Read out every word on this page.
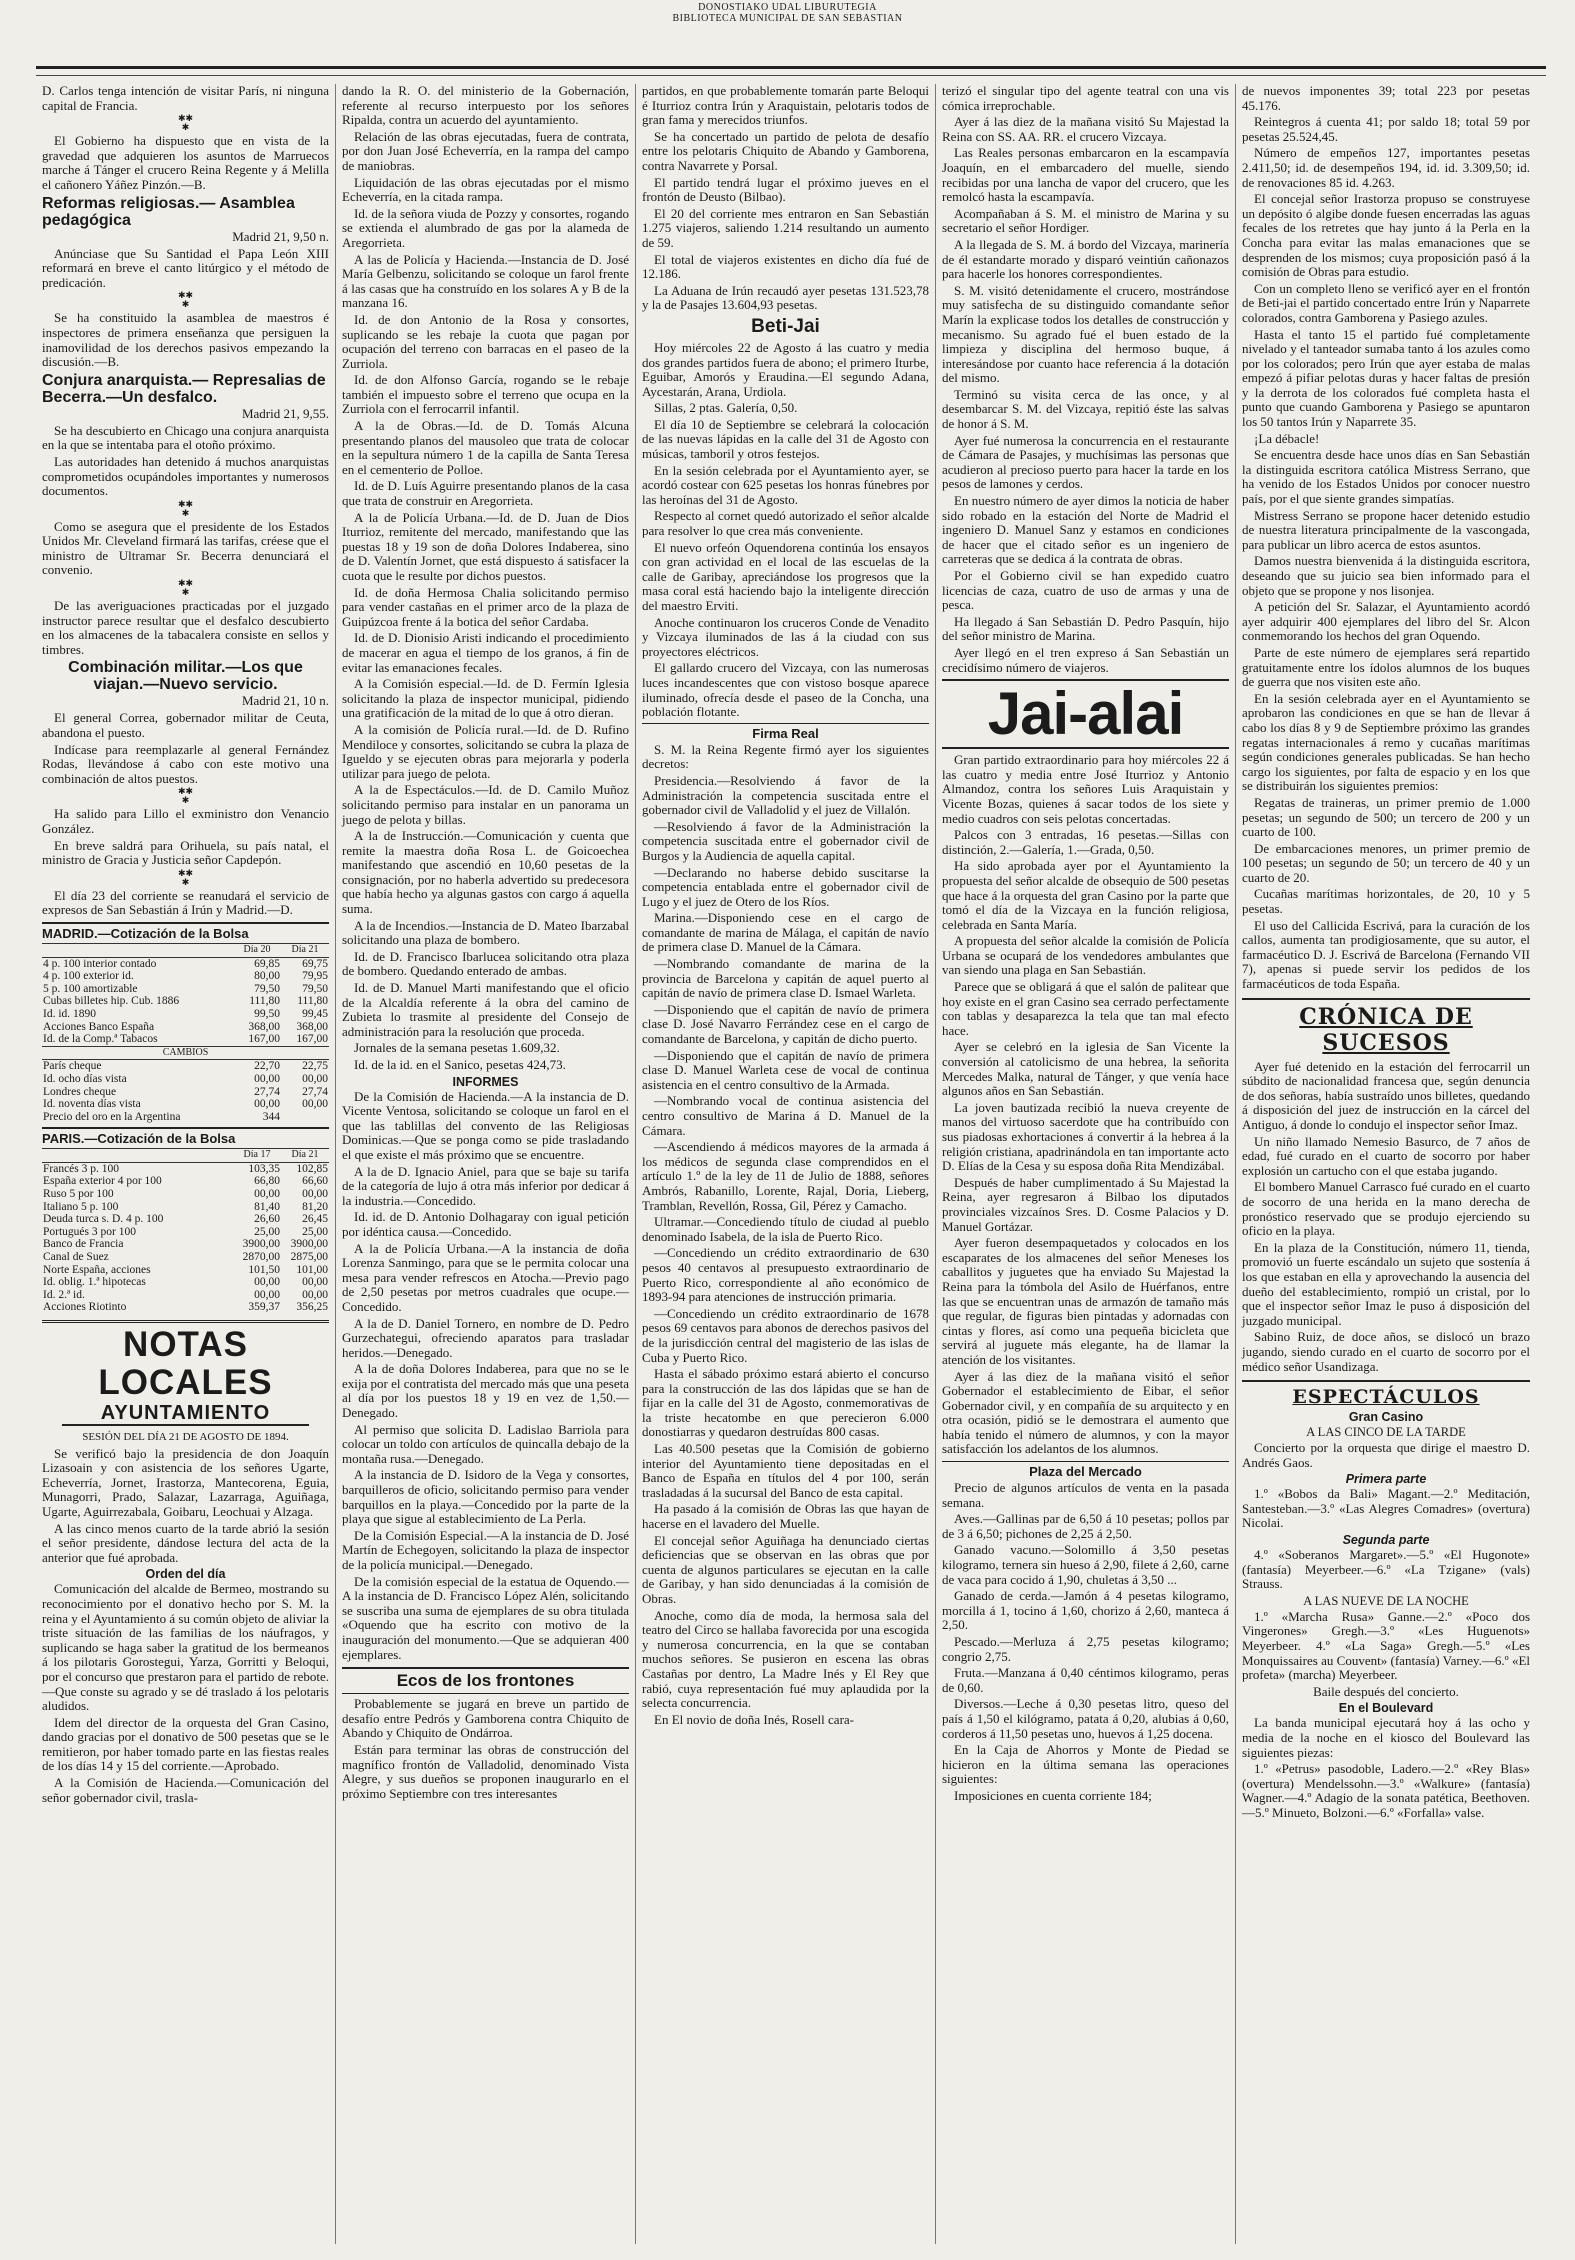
DONOSTIAKO UDAL LIBURUTEGIA
BIBLIOTECA MUNICIPAL DE SAN SEBASTIAN

D. Carlos tenga intención de visitar París, ni ninguna capital de Francia.

✱✱
✱

El Gobierno ha dispuesto que en vista de la gravedad que adquieren los asuntos de Marruecos marche á Tánger el crucero Reina Regente y á Melilla el cañonero Yáñez Pinzón.—B.

Reformas religiosas.— Asamblea pedagógica
Madrid 21, 9,50 n.

Anúnciase que Su Santidad el Papa León XIII reformará en breve el canto litúrgico y el método de predicación.

✱✱
✱

Se ha constituido la asamblea de maestros é inspectores de primera enseñanza que persiguen la inamovilidad de los derechos pasivos empezando la discusión.—B.

Conjura anarquista.— Represalias de Becerra.—Un desfalco.
Madrid 21, 9,55.

Se ha descubierto en Chicago una conjura anarquista en la que se intentaba para el otoño próximo.

Las autoridades han detenido á muchos anarquistas comprometidos ocupándoles importantes y numerosos documentos.

✱✱
✱

Como se asegura que el presidente de los Estados Unidos Mr. Cleveland firmará las tarifas, créese que el ministro de Ultramar Sr. Becerra denunciará el convenio.

✱✱
✱

De las averiguaciones practicadas por el juzgado instructor parece resultar que el desfalco descubierto en los almacenes de la tabacalera consiste en sellos y timbres.

Combinación militar.—Los que viajan.—Nuevo servicio.
Madrid 21, 10 n.

El general Correa, gobernador militar de Ceuta, abandona el puesto.

Indícase para reemplazarle al general Fernández Rodas, llevándose á cabo con este motivo una combinación de altos puestos.

✱✱
✱

Ha salido para Lillo el exministro don Venancio González.

En breve saldrá para Orihuela, su país natal, el ministro de Gracia y Justicia señor Capdepón.

✱✱
✱

El día 23 del corriente se reanudará el servicio de expresos de San Sebastián á Irún y Madrid.—D.

MADRID.—Cotización de la Bolsa
	Día 20	Día 21
4 p. 100 interior contado	69,85	69,75
4 p. 100 exterior id.	80,00	79,95
5 p. 100 amortizable	79,50	79,50
Cubas billetes hip. Cub. 1886	111,80	111,80
Id. id. 1890	99,50	99,45
Acciones Banco España	368,00	368,00
Id. de la Comp.ª Tabacos	167,00	167,00
CAMBIOS		
París cheque	22,70	22,75
Id. ocho días vista	00,00	00,00
Londres cheque	27,74	27,74
Id. noventa días vista	00,00	00,00
Precio del oro en la Argentina	344	
PARIS.—Cotización de la Bolsa
	Día 17	Día 21
Francés 3 p. 100	103,35	102,85
España exterior 4 por 100	66,80	66,60
Ruso 5 por 100	00,00	00,00
Italiano 5 p. 100	81,40	81,20
Deuda turca s. D. 4 p. 100	26,60	26,45
Portugués 3 por 100	25,00	25,00
Banco de Francia	3900,00	3900,00
Canal de Suez	2870,00	2875,00
Norte España, acciones	101,50	101,00
Id. oblig. 1.ª hipotecas	00,00	00,00
Id. 2.ª id.	00,00	00,00
Acciones Riotinto	359,37	356,25
NOTAS LOCALES
AYUNTAMIENTO

SESIÓN DEL DÍA 21 DE AGOSTO DE 1894.

Se verificó bajo la presidencia de don Joaquín Lizasoain y con asistencia de los señores Ugarte, Echeverría, Jornet, Irastorza, Mantecorena, Eguia, Munagorri, Prado, Salazar, Lazarraga, Aguiñaga, Ugarte, Aguirrezabala, Goibaru, Leochuai y Alzaga.

A las cinco menos cuarto de la tarde abrió la sesión el señor presidente, dándose lectura del acta de la anterior que fué aprobada.

Orden del día

Comunicación del alcalde de Bermeo, mostrando su reconocimiento por el donativo hecho por S. M. la reina y el Ayuntamiento á su común objeto de aliviar la triste situación de las familias de los náufragos, y suplicando se haga saber la gratitud de los bermeanos á los pilotaris Gorostegui, Yarza, Gorritti y Beloqui, por el concurso que prestaron para el partido de rebote.—Que conste su agrado y se dé traslado á los pelotaris aludidos.

Idem del director de la orquesta del Gran Casino, dando gracias por el donativo de 500 pesetas que se le remitieron, por haber tomado parte en las fiestas reales de los días 14 y 15 del corriente.—Aprobado.

A la Comisión de Hacienda.—Comunicación del señor gobernador civil, trasla-

dando la R. O. del ministerio de la Gobernación, referente al recurso interpuesto por los señores Ripalda, contra un acuerdo del ayuntamiento.

Relación de las obras ejecutadas, fuera de contrata, por don Juan José Echeverría, en la rampa del campo de maniobras.

Liquidación de las obras ejecutadas por el mismo Echeverría, en la citada rampa.

Id. de la señora viuda de Pozzy y consortes, rogando se extienda el alumbrado de gas por la alameda de Aregorrieta.

A las de Policía y Hacienda.—Instancia de D. José María Gelbenzu, solicitando se coloque un farol frente á las casas que ha construído en los solares A y B de la manzana 16.

Id. de don Antonio de la Rosa y consortes, suplicando se les rebaje la cuota que pagan por ocupación del terreno con barracas en el paseo de la Zurriola.

Id. de don Alfonso García, rogando se le rebaje también el impuesto sobre el terreno que ocupa en la Zurriola con el ferrocarril infantil.

A la de Obras.—Id. de D. Tomás Alcuna presentando planos del mausoleo que trata de colocar en la sepultura número 1 de la capilla de Santa Teresa en el cementerio de Polloe.

Id. de D. Luís Aguirre presentando planos de la casa que trata de construir en Aregorrieta.

A la de Policía Urbana.—Id. de D. Juan de Dios Iturrioz, remitente del mercado, manifestando que las puestas 18 y 19 son de doña Dolores Indaberea, sino de D. Valentín Jornet, que está dispuesto á satisfacer la cuota que le resulte por dichos puestos.

Id. de doña Hermosa Chalia solicitando permiso para vender castañas en el primer arco de la plaza de Guipúzcoa frente á la botica del señor Cardaba.

Id. de D. Dionisio Aristi indicando el procedimiento de macerar en agua el tiempo de los granos, á fin de evitar las emanaciones fecales.

A la Comisión especial.—Id. de D. Fermín Iglesia solicitando la plaza de inspector municipal, pidiendo una gratificación de la mitad de lo que á otro dieran.

A la comisión de Policía rural.—Id. de D. Rufino Mendiloce y consortes, solicitando se cubra la plaza de Igueldo y se ejecuten obras para mejorarla y poderla utilizar para juego de pelota.

A la de Espectáculos.—Id. de D. Camilo Muñoz solicitando permiso para instalar en un panorama un juego de pelota y billas.

A la de Instrucción.—Comunicación y cuenta que remite la maestra doña Rosa L. de Goicoechea manifestando que ascendió en 10,60 pesetas de la consignación, por no haberla advertido su predecesora que había hecho ya algunas gastos con cargo á aquella suma.

A la de Incendios.—Instancia de D. Mateo Ibarzabal solicitando una plaza de bombero.

Id. de D. Francisco Ibarlucea solicitando otra plaza de bombero. Quedando enterado de ambas.

Id. de D. Manuel Marti manifestando que el oficio de la Alcaldía referente á la obra del camino de Zubieta lo trasmite al presidente del Consejo de administración para la resolución que proceda.

Jornales de la semana pesetas 1.609,32.

Id. de la id. en el Sanico, pesetas 424,73.

INFORMES

De la Comisión de Hacienda.—A la instancia de D. Vicente Ventosa, solicitando se coloque un farol en el que las tablillas del convento de las Religiosas Dominicas.—Que se ponga como se pide trasladando el que existe el más próximo que se encuentre.

A la de D. Ignacio Aniel, para que se baje su tarifa de la categoría de lujo á otra más inferior por dedicar á la industria.—Concedido.

Id. id. de D. Antonio Dolhagaray con igual petición por idéntica causa.—Concedido.

A la de Policía Urbana.—A la instancia de doña Lorenza Sanmingo, para que se le permita colocar una mesa para vender refrescos en Atocha.—Previo pago de 2,50 pesetas por metros cuadrales que ocupe.—Concedido.

A la de D. Daniel Tornero, en nombre de D. Pedro Gurzechategui, ofreciendo aparatos para trasladar heridos.—Denegado.

A la de doña Dolores Indaberea, para que no se le exija por el contratista del mercado más que una peseta al día por los puestos 18 y 19 en vez de 1,50.—Denegado.

Al permiso que solicita D. Ladislao Barriola para colocar un toldo con artículos de quincalla debajo de la montaña rusa.—Denegado.

A la instancia de D. Isidoro de la Vega y consortes, barquilleros de oficio, solicitando permiso para vender barquillos en la playa.—Concedido por la parte de la playa que sigue al establecimiento de La Perla.

De la Comisión Especial.—A la instancia de D. José Martín de Echegoyen, solicitando la plaza de inspector de la policía municipal.—Denegado.

De la comisión especial de la estatua de Oquendo.—A la instancia de D. Francisco López Alén, solicitando se suscriba una suma de ejemplares de su obra titulada «Oquendo que ha escrito con motivo de la inauguración del monumento.—Que se adquieran 400 ejemplares.

Ecos de los frontones

Probablemente se jugará en breve un partido de desafío entre Pedrós y Gamborena contra Chiquito de Abando y Chiquito de Ondárroa.

Están para terminar las obras de construcción del magnífico frontón de Valladolid, denominado Vista Alegre, y sus dueños se proponen inaugurarlo en el próximo Septiembre con tres interesantes

partidos, en que probablemente tomarán parte Beloqui é Iturrioz contra Irún y Araquistain, pelotaris todos de gran fama y merecidos triunfos.

Se ha concertado un partido de pelota de desafío entre los pelotaris Chiquito de Abando y Gamborena, contra Navarrete y Porsal.

El partido tendrá lugar el próximo jueves en el frontón de Deusto (Bilbao).

El 20 del corriente mes entraron en San Sebastián 1.275 viajeros, saliendo 1.214 resultando un aumento de 59.

El total de viajeros existentes en dicho día fué de 12.186.

La Aduana de Irún recaudó ayer pesetas 131.523,78 y la de Pasajes 13.604,93 pesetas.

Beti-Jai

Hoy miércoles 22 de Agosto á las cuatro y media dos grandes partidos fuera de abono; el primero Iturbe, Eguibar, Amorós y Eraudina.—El segundo Adana, Aycestarán, Arana, Urdiola.

Sillas, 2 ptas. Galería, 0,50.

El día 10 de Septiembre se celebrará la colocación de las nuevas lápidas en la calle del 31 de Agosto con músicas, tamboril y otros festejos.

En la sesión celebrada por el Ayuntamiento ayer, se acordó costear con 625 pesetas los honras fúnebres por las heroínas del 31 de Agosto.

Respecto al cornet quedó autorizado el señor alcalde para resolver lo que crea más conveniente.

El nuevo orfeón Oquendorena continúa los ensayos con gran actividad en el local de las escuelas de la calle de Garibay, apreciándose los progresos que la masa coral está haciendo bajo la inteligente dirección del maestro Erviti.

Anoche continuaron los cruceros Conde de Venadito y Vizcaya iluminados de las á la ciudad con sus proyectores eléctricos.

El gallardo crucero del Vizcaya, con las numerosas luces incandescentes que con vistoso bosque aparece iluminado, ofrecía desde el paseo de la Concha, una población flotante.

Firma Real

S. M. la Reina Regente firmó ayer los siguientes decretos:

Presidencia.—Resolviendo á favor de la Administración la competencia suscitada entre el gobernador civil de Valladolid y el juez de Villalón.

—Resolviendo á favor de la Administración la competencia suscitada entre el gobernador civil de Burgos y la Audiencia de aquella capital.

—Declarando no haberse debido suscitarse la competencia entablada entre el gobernador civil de Lugo y el juez de Otero de los Ríos.

Marina.—Disponiendo cese en el cargo de comandante de marina de Málaga, el capitán de navío de primera clase D. Manuel de la Cámara.

—Nombrando comandante de marina de la provincia de Barcelona y capitán de aquel puerto al capitán de navío de primera clase D. Ismael Warleta.

—Disponiendo que el capitán de navío de primera clase D. José Navarro Ferrández cese en el cargo de comandante de Barcelona, y capitán de dicho puerto.

—Disponiendo que el capitán de navío de primera clase D. Manuel Warleta cese de vocal de continua asistencia en el centro consultivo de la Armada.

—Nombrando vocal de continua asistencia del centro consultivo de Marina á D. Manuel de la Cámara.

—Ascendiendo á médicos mayores de la armada á los médicos de segunda clase comprendidos en el artículo 1.º de la ley de 11 de Julio de 1888, señores Ambrós, Rabanillo, Lorente, Rajal, Doria, Lieberg, Tramblan, Revellón, Rossa, Gil, Pérez y Camacho.

Ultramar.—Concediendo título de ciudad al pueblo denominado Isabela, de la isla de Puerto Rico.

—Concediendo un crédito extraordinario de 630 pesos 40 centavos al presupuesto extraordinario de Puerto Rico, correspondiente al año económico de 1893-94 para atenciones de instrucción primaria.

—Concediendo un crédito extraordinario de 1678 pesos 69 centavos para abonos de derechos pasivos del de la jurisdicción central del magisterio de las islas de Cuba y Puerto Rico.

Hasta el sábado próximo estará abierto el concurso para la construcción de las dos lápidas que se han de fijar en la calle del 31 de Agosto, conmemorativas de la triste hecatombe en que perecieron 6.000 donostiarras y quedaron destruídas 800 casas.

Las 40.500 pesetas que la Comisión de gobierno interior del Ayuntamiento tiene depositadas en el Banco de España en títulos del 4 por 100, serán trasladadas á la sucursal del Banco de esta capital.

Ha pasado á la comisión de Obras las que hayan de hacerse en el lavadero del Muelle.

El concejal señor Aguiñaga ha denunciado ciertas deficiencias que se observan en las obras que por cuenta de algunos particulares se ejecutan en la calle de Garibay, y han sido denunciadas á la comisión de Obras.

Anoche, como día de moda, la hermosa sala del teatro del Circo se hallaba favorecida por una escogida y numerosa concurrencia, en la que se contaban muchos señores. Se pusieron en escena las obras Castañas por dentro, La Madre Inés y El Rey que rabió, cuya representación fué muy aplaudida por la selecta concurrencia.

En El novio de doña Inés, Rosell cara-

terizó el singular tipo del agente teatral con una vis cómica irreprochable.

Ayer á las diez de la mañana visitó Su Majestad la Reina con SS. AA. RR. el crucero Vizcaya.

Las Reales personas embarcaron en la escampavía Joaquín, en el embarcadero del muelle, siendo recibidas por una lancha de vapor del crucero, que les remolcó hasta la escampavía.

Acompañaban á S. M. el ministro de Marina y su secretario el señor Hordiger.

A la llegada de S. M. á bordo del Vizcaya, marinería de él estandarte morado y disparó veintiún cañonazos para hacerle los honores correspondientes.

S. M. visitó detenidamente el crucero, mostrándose muy satisfecha de su distinguido comandante señor Marín la explicase todos los detalles de construcción y mecanismo. Su agrado fué el buen estado de la limpieza y disciplina del hermoso buque, á interesándose por cuanto hace referencia á la dotación del mismo.

Terminó su visita cerca de las once, y al desembarcar S. M. del Vizcaya, repitió éste las salvas de honor á S. M.

Ayer fué numerosa la concurrencia en el restaurante de Cámara de Pasajes, y muchísimas las personas que acudieron al precioso puerto para hacer la tarde en los pesos de lamones y cerdos.

En nuestro número de ayer dimos la noticia de haber sido robado en la estación del Norte de Madrid el ingeniero D. Manuel Sanz y estamos en condiciones de hacer que el citado señor es un ingeniero de carreteras que se dedica á la contrata de obras.

Por el Gobierno civil se han expedido cuatro licencias de caza, cuatro de uso de armas y una de pesca.

Ha llegado á San Sebastián D. Pedro Pasquín, hijo del señor ministro de Marina.

Ayer llegó en el tren expreso á San Sebastián un crecidísimo número de viajeros.

Jai-alai

Gran partido extraordinario para hoy miércoles 22 á las cuatro y media entre José Iturrioz y Antonio Almandoz, contra los señores Luis Araquistain y Vicente Bozas, quienes á sacar todos de los siete y medio cuadros con seis pelotas concertadas.

Palcos con 3 entradas, 16 pesetas.—Sillas con distinción, 2.—Galería, 1.—Grada, 0,50.

Ha sido aprobada ayer por el Ayuntamiento la propuesta del señor alcalde de obsequio de 500 pesetas que hace á la orquesta del gran Casino por la parte que tomó el día de la Vizcaya en la función religiosa, celebrada en Santa María.

A propuesta del señor alcalde la comisión de Policía Urbana se ocupará de los vendedores ambulantes que van siendo una plaga en San Sebastián.

Parece que se obligará á que el salón de palitear que hoy existe en el gran Casino sea cerrado perfectamente con tablas y desaparezca la tela que tan mal efecto hace.

Ayer se celebró en la iglesia de San Vicente la conversión al catolicismo de una hebrea, la señorita Mercedes Malka, natural de Tánger, y que venía hace algunos años en San Sebastián.

La joven bautizada recibió la nueva creyente de manos del virtuoso sacerdote que ha contribuído con sus piadosas exhortaciones á convertir á la hebrea á la religión cristiana, apadrinándola en tan importante acto D. Elías de la Cesa y su esposa doña Rita Mendizábal.

Después de haber cumplimentado á Su Majestad la Reina, ayer regresaron á Bilbao los diputados provinciales vizcaínos Sres. D. Cosme Palacios y D. Manuel Gortázar.

Ayer fueron desempaquetados y colocados en los escaparates de los almacenes del señor Meneses los caballitos y juguetes que ha enviado Su Majestad la Reina para la tómbola del Asilo de Huérfanos, entre las que se encuentran unas de armazón de tamaño más que regular, de figuras bien pintadas y adornadas con cintas y flores, así como una pequeña bicicleta que servirá al juguete más elegante, ha de llamar la atención de los visitantes.

Ayer á las diez de la mañana visitó el señor Gobernador el establecimiento de Eibar, el señor Gobernador civil, y en compañía de su arquitecto y en otra ocasión, pidió se le demostrara el aumento que había tenido el número de alumnos, y con la mayor satisfacción los adelantos de los alumnos.

Plaza del Mercado

Precio de algunos artículos de venta en la pasada semana.

Aves.—Gallinas par de 6,50 á 10 pesetas; pollos par de 3 á 6,50; pichones de 2,25 á 2,50.

Ganado vacuno.—Solomillo á 3,50 pesetas kilogramo, ternera sin hueso á 2,90, filete á 2,60, carne de vaca para cocido á 1,90, chuletas á 3,50 ...

Ganado de cerda.—Jamón á 4 pesetas kilogramo, morcilla á 1, tocino á 1,60, chorizo á 2,60, manteca á 2,50.

Pescado.—Merluza á 2,75 pesetas kilogramo; congrio 2,75.

Fruta.—Manzana á 0,40 céntimos kilogramo, peras de 0,60.

Diversos.—Leche á 0,30 pesetas litro, queso del país á 1,50 el kilógramo, patata á 0,20, alubias á 0,60, corderos á 11,50 pesetas uno, huevos á 1,25 docena.

En la Caja de Ahorros y Monte de Piedad se hicieron en la última semana las operaciones siguientes:

Imposiciones en cuenta corriente 184;

de nuevos imponentes 39; total 223 por pesetas 45.176.

Reintegros á cuenta 41; por saldo 18; total 59 por pesetas 25.524,45.

Número de empeños 127, importantes pesetas 2.411,50; id. de desempeños 194, id. id. 3.309,50; id. de renovaciones 85 id. 4.263.

El concejal señor Irastorza propuso se construyese un depósito ó algibe donde fuesen encerradas las aguas fecales de los retretes que hay junto á la Perla en la Concha para evitar las malas emanaciones que se desprenden de los mismos; cuya proposición pasó á la comisión de Obras para estudio.

Con un completo lleno se verificó ayer en el frontón de Beti-jai el partido concertado entre Irún y Naparrete colorados, contra Gamborena y Pasiego azules.

Hasta el tanto 15 el partido fué completamente nivelado y el tanteador sumaba tanto á los azules como por los colorados; pero Irún que ayer estaba de malas empezó á pifiar pelotas duras y hacer faltas de presión y la derrota de los colorados fué completa hasta el punto que cuando Gamborena y Pasiego se apuntaron los 50 tantos Irún y Naparrete 35.

¡La débacle!

Se encuentra desde hace unos días en San Sebastián la distinguida escritora católica Mistress Serrano, que ha venido de los Estados Unidos por conocer nuestro país, por el que siente grandes simpatías.

Mistress Serrano se propone hacer detenido estudio de nuestra literatura principalmente de la vascongada, para publicar un libro acerca de estos asuntos.

Damos nuestra bienvenida á la distinguida escritora, deseando que su juicio sea bien informado para el objeto que se propone y nos lisonjea.

A petición del Sr. Salazar, el Ayuntamiento acordó ayer adquirir 400 ejemplares del libro del Sr. Alcon conmemorando los hechos del gran Oquendo.

Parte de este número de ejemplares será repartido gratuitamente entre los ídolos alumnos de los buques de guerra que nos visiten este año.

En la sesión celebrada ayer en el Ayuntamiento se aprobaron las condiciones en que se han de llevar á cabo los días 8 y 9 de Septiembre próximo las grandes regatas internacionales á remo y cucañas marítimas según condiciones generales publicadas. Se han hecho cargo los siguientes, por falta de espacio y en los que se distribuirán los siguientes premios:

Regatas de traineras, un primer premio de 1.000 pesetas; un segundo de 500; un tercero de 200 y un cuarto de 100.

De embarcaciones menores, un primer premio de 100 pesetas; un segundo de 50; un tercero de 40 y un cuarto de 20.

Cucañas marítimas horizontales, de 20, 10 y 5 pesetas.

El uso del Callicida Escrivá, para la curación de los callos, aumenta tan prodigiosamente, que su autor, el farmacéutico D. J. Escrivá de Barcelona (Fernando VII 7), apenas si puede servir los pedidos de los farmacéuticos de toda España.

CRÓNICA DE SUCESOS

Ayer fué detenido en la estación del ferrocarril un súbdito de nacionalidad francesa que, según denuncia de dos señoras, había sustraído unos billetes, quedando á disposición del juez de instrucción en la cárcel del Antiguo, á donde lo condujo el inspector señor Imaz.

Un niño llamado Nemesio Basurco, de 7 años de edad, fué curado en el cuarto de socorro por haber explosión un cartucho con el que estaba jugando.

El bombero Manuel Carrasco fué curado en el cuarto de socorro de una herida en la mano derecha de pronóstico reservado que se produjo ejerciendo su oficio en la playa.

En la plaza de la Constitución, número 11, tienda, promovió un fuerte escándalo un sujeto que sostenía á los que estaban en ella y aprovechando la ausencia del dueño del establecimiento, rompió un cristal, por lo que el inspector señor Imaz le puso á disposición del juzgado municipal.

Sabino Ruiz, de doce años, se dislocó un brazo jugando, siendo curado en el cuarto de socorro por el médico señor Usandizaga.

ESPECTÁCULOS
Gran Casino
A LAS CINCO DE LA TARDE

Concierto por la orquesta que dirige el maestro D. Andrés Gaos.

Primera parte

1.º «Bobos da Bali» Magant.—2.º Meditación, Santesteban.—3.º «Las Alegres Comadres» (overtura) Nicolai.

Segunda parte

4.º «Soberanos Margaret».—5.º «El Hugonote» (fantasía) Meyerbeer.—6.º «La Tzigane» (vals) Strauss.

A LAS NUEVE DE LA NOCHE

1.º «Marcha Rusa» Ganne.—2.º «Poco dos Vingerones» Gregh.—3.º «Les Huguenots» Meyerbeer. 4.º «La Saga» Gregh.—5.º «Les Monquissaires au Couvent» (fantasía) Varney.—6.º «El profeta» (marcha) Meyerbeer.

Baile después del concierto.

En el Boulevard

La banda municipal ejecutará hoy á las ocho y media de la noche en el kiosco del Boulevard las siguientes piezas:

1.º «Petrus» pasodoble, Ladero.—2.º «Rey Blas» (overtura) Mendelssohn.—3.º «Walkure» (fantasía) Wagner.—4.º Adagio de la sonata patética, Beethoven.—5.º Minueto, Bolzoni.—6.º «Forfalla» valse.
